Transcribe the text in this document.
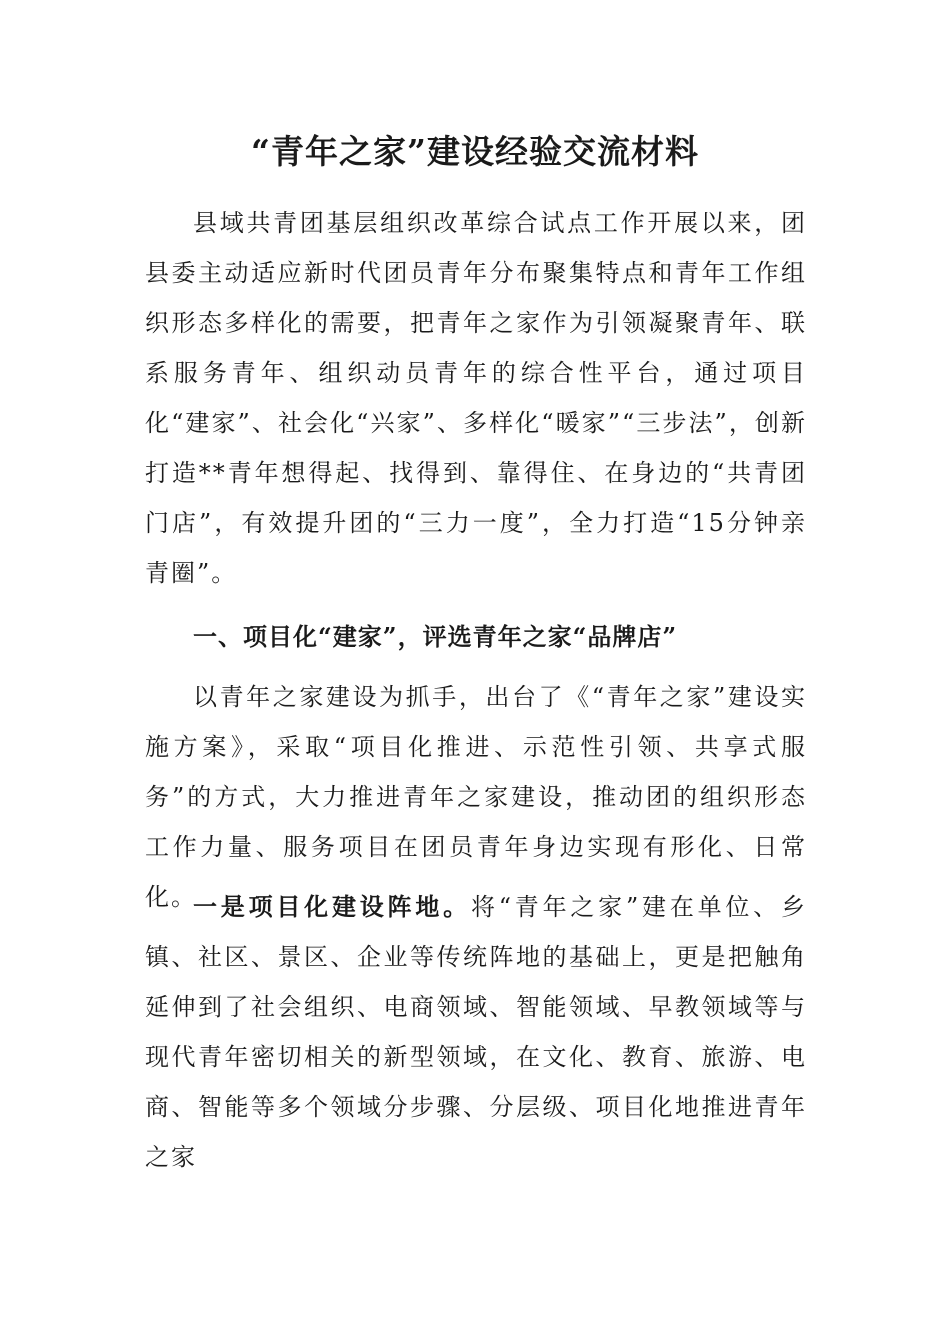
“青年之家”建设经验交流材料

县域共青团基层组织改革综合试点工作开展以来，团县委主动适应新时代团员青年分布聚集特点和青年工作组织形态多样化的需要，把青年之家作为引领凝聚青年、联系服务青年、组织动员青年的综合性平台，通过项目化“建家”、社会化“兴家”、多样化“暖家”“三步法”，创新打造**青年想得起、找得到、靠得住、在身边的“共青团门店”，有效提升团的“三力一度”，全力打造“15分钟亲青圈”。

一、项目化“建家”，评选青年之家“品牌店”

以青年之家建设为抓手，出台了《“青年之家”建设实施方案》，采取“项目化推进、示范性引领、共享式服务”的方式，大力推进青年之家建设，推动团的组织形态工作力量、服务项目在团员青年身边实现有形化、日常化。

一是项目化建设阵地。将“青年之家”建在单位、乡镇、社区、景区、企业等传统阵地的基础上，更是把触角延伸到了社会组织、电商领域、智能领域、早教领域等与现代青年密切相关的新型领域，在文化、教育、旅游、电商、智能等多个领域分步骤、分层级、项目化地推进青年之家
